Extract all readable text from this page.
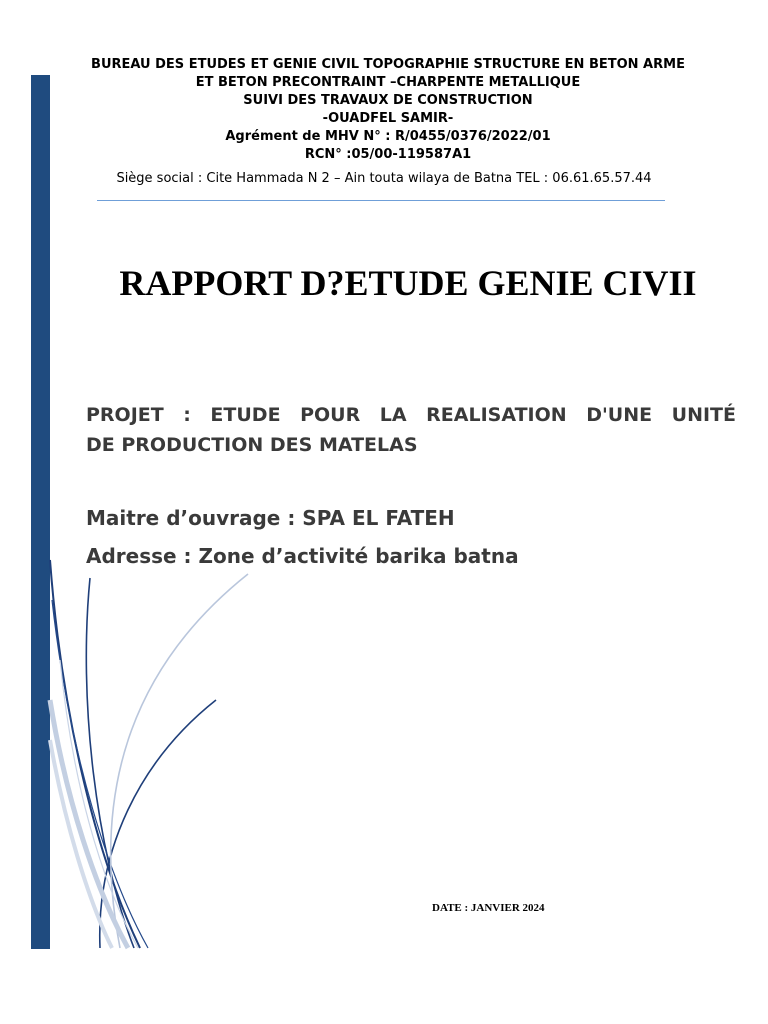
BUREAU DES ETUDES ET GENIE CIVIL TOPOGRAPHIE STRUCTURE EN BETON ARME
ET BETON PRECONTRAINT –CHARPENTE METALLIQUE
SUIVI DES TRAVAUX DE CONSTRUCTION
-OUADFEL SAMIR-
Agrément de MHV N° : R/0455/0376/2022/01
RCN° :05/00-119587A1
Siège social : Cite Hammada N 2 – Ain touta wilaya de Batna TEL : 06.61.65.57.44
RAPPORT D?ETUDE GENIE CIVII
PROJET : ETUDE POUR LA REALISATION D'UNE UNITÉ
DE PRODUCTION DES MATELAS
Maitre d’ouvrage : SPA EL FATEH
Adresse : Zone d’activité barika batna
DATE : JANVIER 2024
